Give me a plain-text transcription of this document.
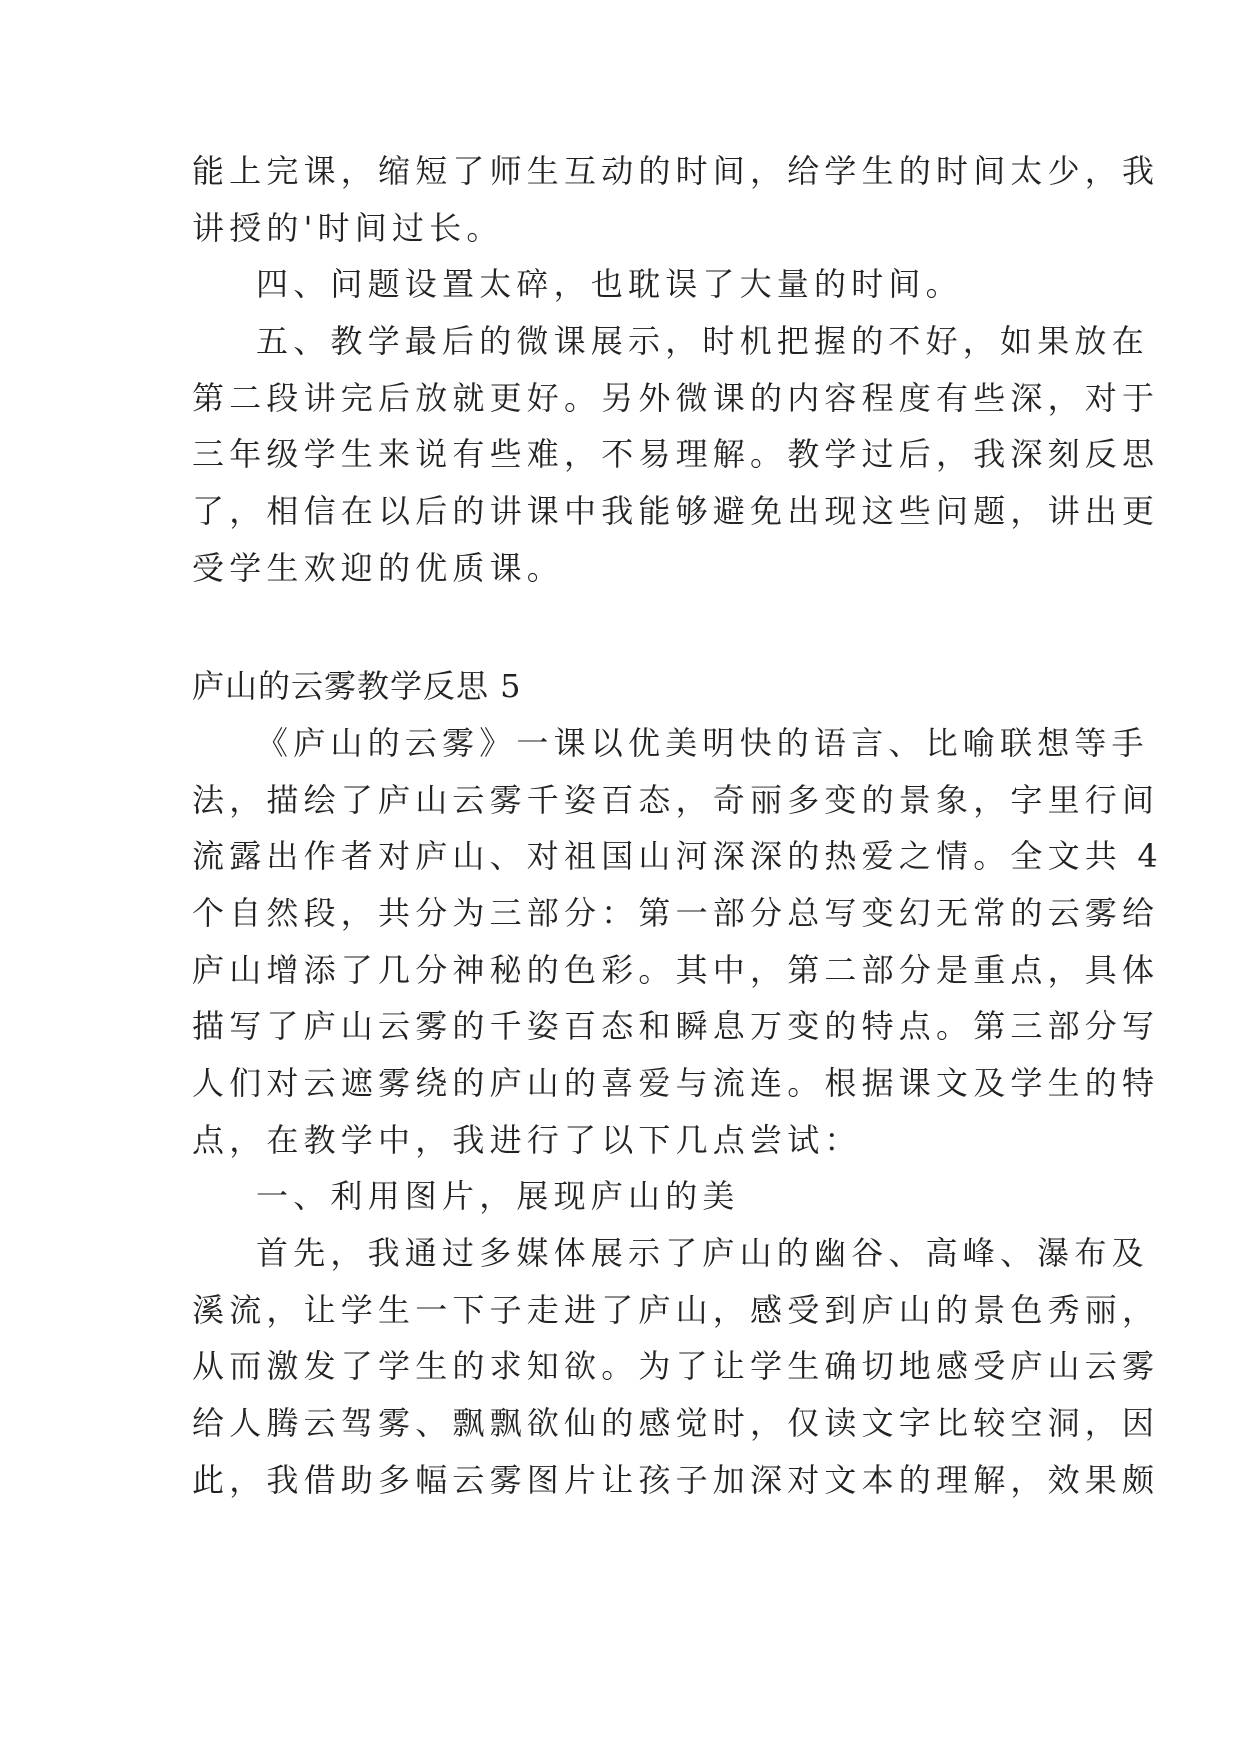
能上完课，缩短了师生互动的时间，给学生的时间太少，我
讲授的'时间过长。
四、问题设置太碎，也耽误了大量的时间。
五、教学最后的微课展示，时机把握的不好，如果放在
第二段讲完后放就更好。另外微课的内容程度有些深，对于
三年级学生来说有些难，不易理解。教学过后，我深刻反思
了，相信在以后的讲课中我能够避免出现这些问题，讲出更
受学生欢迎的优质课。
庐山的云雾教学反思 5
《庐山的云雾》一课以优美明快的语言、比喻联想等手
法，描绘了庐山云雾千姿百态，奇丽多变的景象，字里行间
流露出作者对庐山、对祖国山河深深的热爱之情。全文共 4
个自然段，共分为三部分：第一部分总写变幻无常的云雾给
庐山增添了几分神秘的色彩。其中，第二部分是重点，具体
描写了庐山云雾的千姿百态和瞬息万变的特点。第三部分写
人们对云遮雾绕的庐山的喜爱与流连。根据课文及学生的特
点，在教学中，我进行了以下几点尝试：
一、利用图片，展现庐山的美
首先，我通过多媒体展示了庐山的幽谷、高峰、瀑布及
溪流，让学生一下子走进了庐山，感受到庐山的景色秀丽，
从而激发了学生的求知欲。为了让学生确切地感受庐山云雾
给人腾云驾雾、飘飘欲仙的感觉时，仅读文字比较空洞，因
此，我借助多幅云雾图片让孩子加深对文本的理解，效果颇
